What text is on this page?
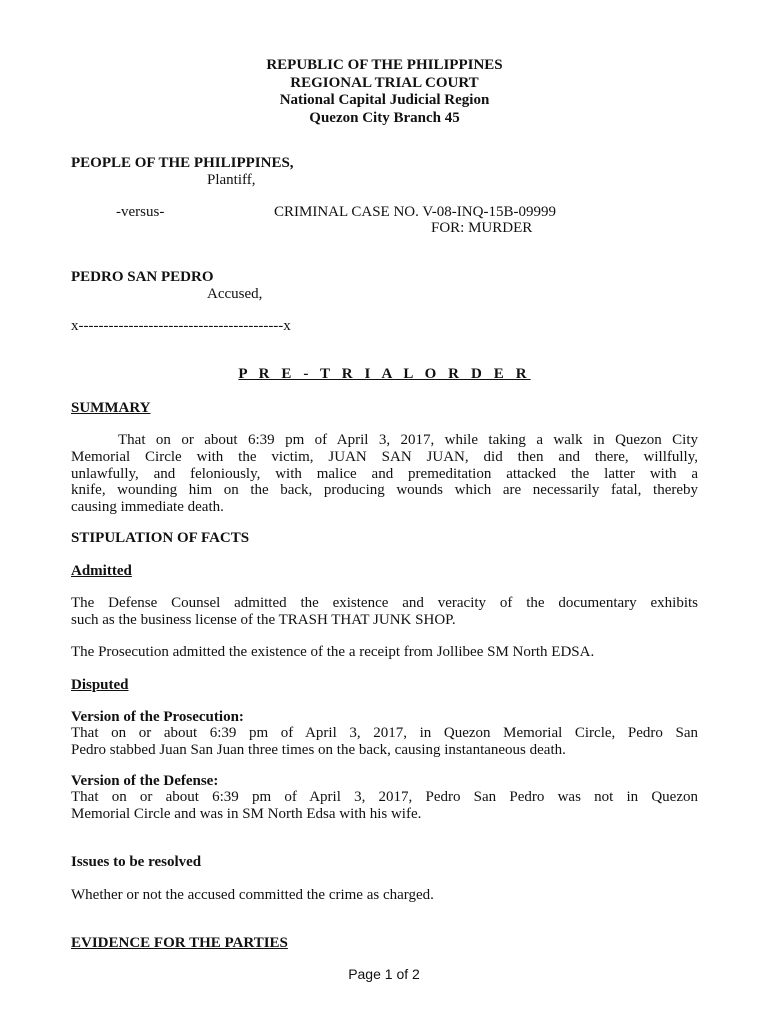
REPUBLIC OF THE PHILIPPINES
REGIONAL TRIAL COURT
National Capital Judicial Region
Quezon City Branch 45
PEOPLE OF THE PHILIPPINES,
Plantiff,
-versus-	CRIMINAL CASE NO. V-08-INQ-15B-09999
FOR: MURDER
PEDRO SAN PEDRO
Accused,
x-----------------------------------------x
P R E - T R I A L O R D E R
SUMMARY
That on or about 6:39 pm of April 3, 2017, while taking a walk in Quezon City
Memorial Circle with the victim, JUAN SAN JUAN, did then and there, willfully,
unlawfully, and feloniously, with malice and premeditation attacked the latter with a
knife, wounding him on the back, producing wounds which are necessarily fatal, thereby
causing immediate death.
STIPULATION OF FACTS
Admitted
The Defense Counsel admitted the existence and veracity of the documentary exhibits
such as the business license of the TRASH THAT JUNK SHOP.
The Prosecution admitted the existence of the a receipt from Jollibee SM North EDSA.
Disputed
Version of the Prosecution:
That on or about 6:39 pm of April 3, 2017, in Quezon Memorial Circle, Pedro San
Pedro stabbed Juan San Juan three times on the back, causing instantaneous death.
Version of the Defense:
That on or about 6:39 pm of April 3, 2017, Pedro San Pedro was not in Quezon
Memorial Circle and was in SM North Edsa with his wife.
Issues to be resolved
Whether or not the accused committed the crime as charged.
EVIDENCE FOR THE PARTIES
Page 1 of 2
